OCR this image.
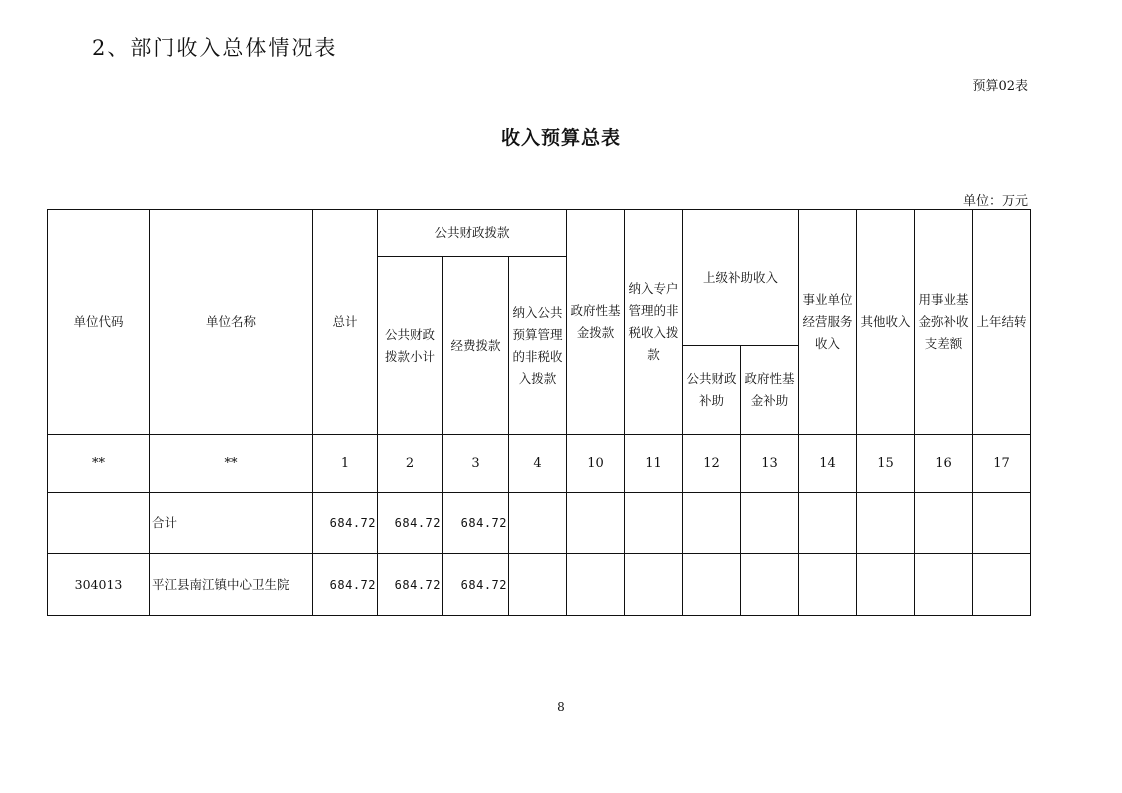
2、部门收入总体情况表
预算02表
收入预算总表
单位：万元
单位代码	单位名称	总计	公共财政拨款			政府性基金拨款	纳入专户管理的非税收入拨款	上级补助收入		事业单位经营服务收入	其他收入	用事业基金弥补收支差额	上年结转
			公共财政拨款小计	经费拨款	纳入公共预算管理的非税收入拨款								
								公共财政补助	政府性基金补助				
**	**	1	2	3	4	10	11	12	13	14	15	16	17
	合计	684.72	684.72	684.72									
304013	平江县南江镇中心卫生院	684.72	684.72	684.72									
8
